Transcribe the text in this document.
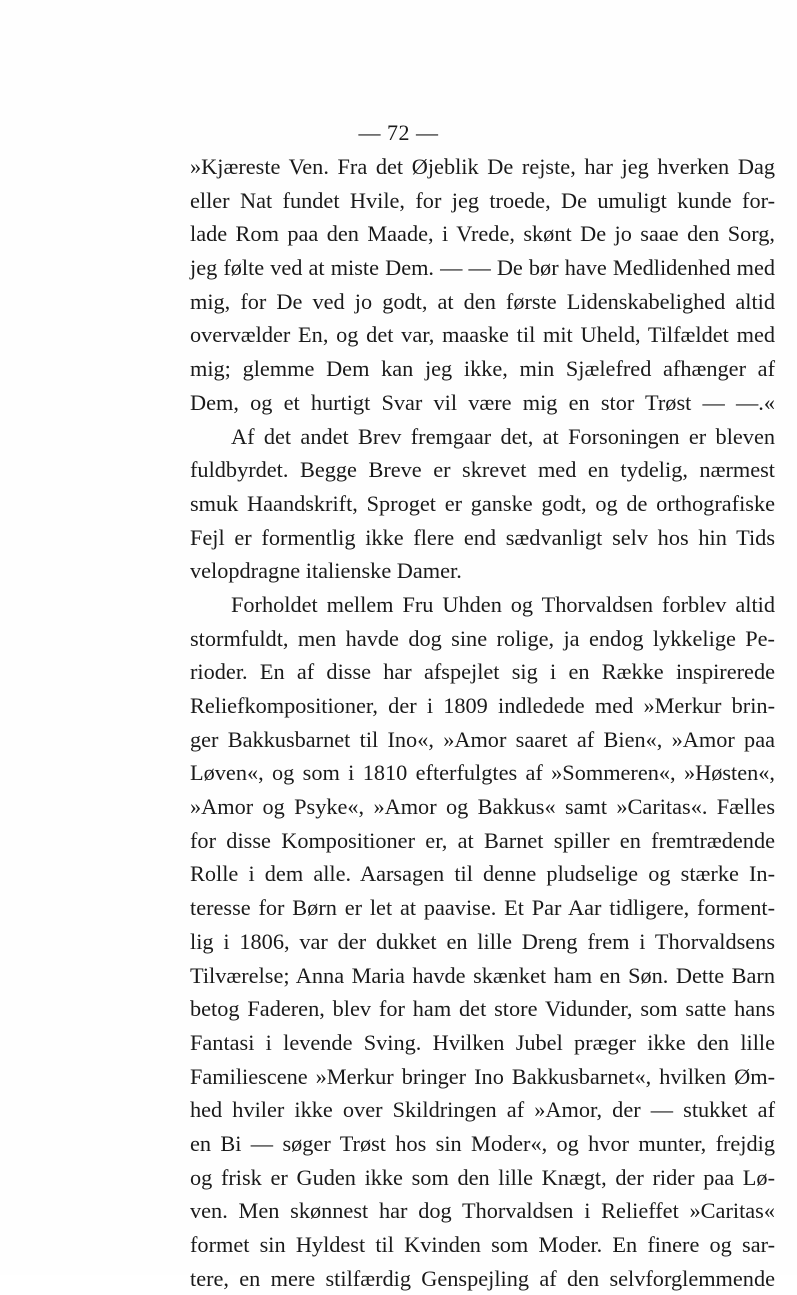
— 72 —
»Kjæreste Ven. Fra det Øjeblik De rejste, har jeg hverken Dag
eller Nat fundet Hvile, for jeg troede, De umuligt kunde for-
lade Rom paa den Maade, i Vrede, skønt De jo saae den Sorg,
jeg følte ved at miste Dem. — — De bør have Medlidenhed med
mig, for De ved jo godt, at den første Lidenskabelighed altid
overvælder En, og det var, maaske til mit Uheld, Tilfældet med
mig; glemme Dem kan jeg ikke, min Sjælefred afhænger af
Dem, og et hurtigt Svar vil være mig en stor Trøst — —.«
Af det andet Brev fremgaar det, at Forsoningen er bleven
fuldbyrdet. Begge Breve er skrevet med en tydelig, nærmest
smuk Haandskrift, Sproget er ganske godt, og de orthografiske
Fejl er formentlig ikke flere end sædvanligt selv hos hin Tids
velopdragne italienske Damer.
Forholdet mellem Fru Uhden og Thorvaldsen forblev altid
stormfuldt, men havde dog sine rolige, ja endog lykkelige Pe-
rioder. En af disse har afspejlet sig i en Række inspirerede
Reliefkompositioner, der i 1809 indledede med »Merkur brin-
ger Bakkusbarnet til Ino«, »Amor saaret af Bien«, »Amor paa
Løven«, og som i 1810 efterfulgtes af »Sommeren«, »Høsten«,
»Amor og Psyke«, »Amor og Bakkus« samt »Caritas«. Fælles
for disse Kompositioner er, at Barnet spiller en fremtrædende
Rolle i dem alle. Aarsagen til denne pludselige og stærke In-
teresse for Børn er let at paavise. Et Par Aar tidligere, forment-
lig i 1806, var der dukket en lille Dreng frem i Thorvaldsens
Tilværelse; Anna Maria havde skænket ham en Søn. Dette Barn
betog Faderen, blev for ham det store Vidunder, som satte hans
Fantasi i levende Sving. Hvilken Jubel præger ikke den lille
Familiescene »Merkur bringer Ino Bakkusbarnet«, hvilken Øm-
hed hviler ikke over Skildringen af »Amor, der — stukket af
en Bi — søger Trøst hos sin Moder«, og hvor munter, frejdig
og frisk er Guden ikke som den lille Knægt, der rider paa Lø-
ven. Men skønnest har dog Thorvaldsen i Relieffet »Caritas«
formet sin Hyldest til Kvinden som Moder. En finere og sar-
tere, en mere stilfærdig Genspejling af den selvforglemmende
